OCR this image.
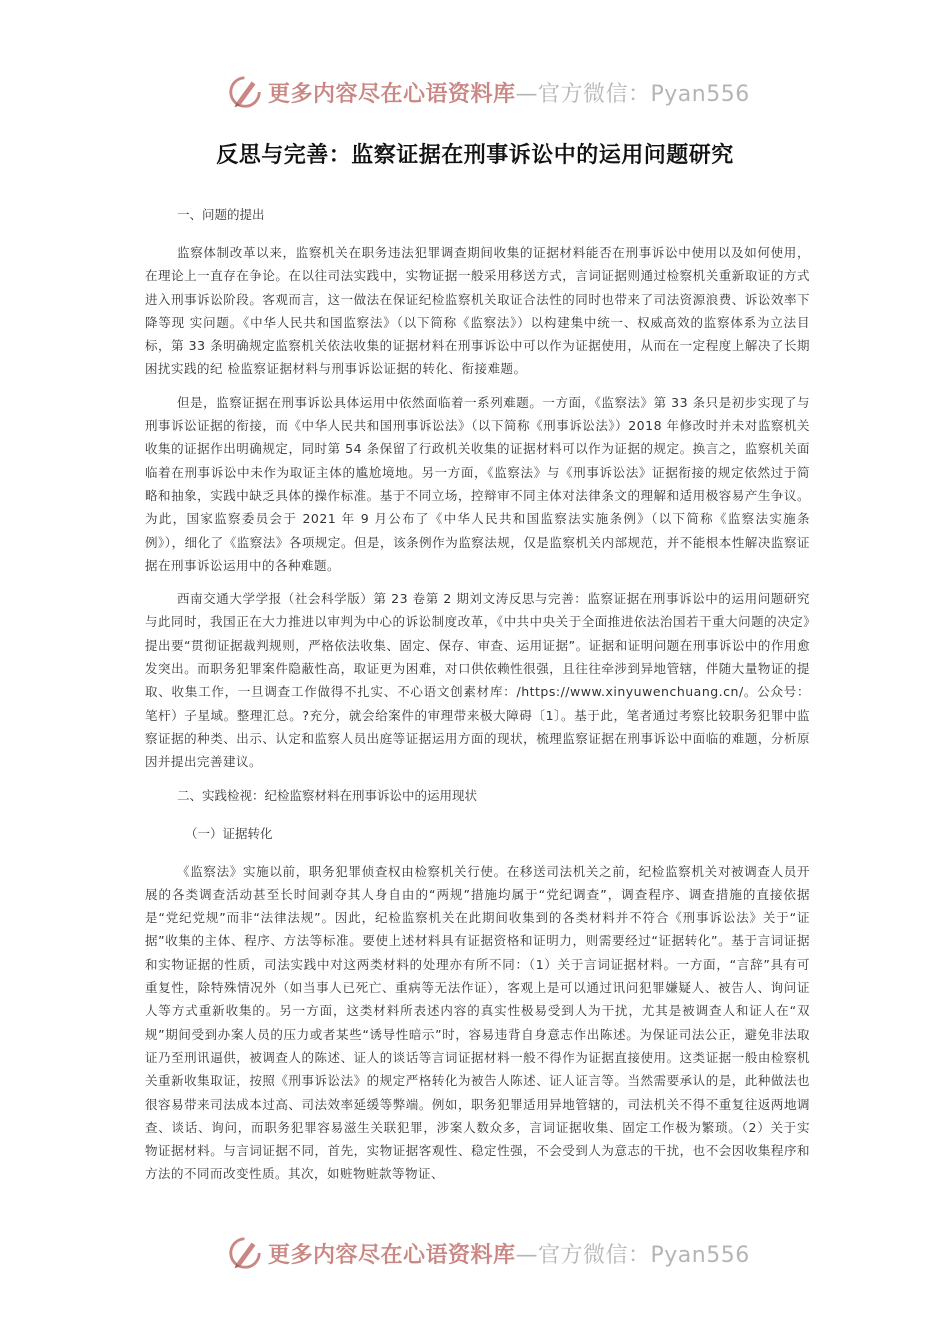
更多内容尽在心语资料库—官方微信：Pyan556
反思与完善：监察证据在刑事诉讼中的运用问题研究

一、问题的提出

监察体制改革以来，监察机关在职务违法犯罪调查期间收集的证据材料能否在刑事诉讼中使用以及如何使用，在理论上一直存在争论。在以往司法实践中，实物证据一般采用移送方式，言词证据则通过检察机关重新取证的方式进入刑事诉讼阶段。客观而言，这一做法在保证纪检监察机关取证合法性的同时也带来了司法资源浪费、诉讼效率下降等现 实问题。《中华人民共和国监察法》（以下简称《监察法》）以构建集中统一、权威高效的监察体系为立法目标，第 33 条明确规定监察机关依法收集的证据材料在刑事诉讼中可以作为证据使用，从而在一定程度上解决了长期困扰实践的纪 检监察证据材料与刑事诉讼证据的转化、衔接难题。

但是，监察证据在刑事诉讼具体运用中依然面临着一系列难题。一方面，《监察法》第 33 条只是初步实现了与刑事诉讼证据的衔接，而《中华人民共和国刑事诉讼法》（以下简称《刑事诉讼法》）2018 年修改时并未对监察机关收集的证据作出明确规定，同时第 54 条保留了行政机关收集的证据材料可以作为证据的规定。换言之，监察机关面临着在刑事诉讼中未作为取证主体的尴尬境地。另一方面，《监察法》与《刑事诉讼法》证据衔接的规定依然过于简略和抽象，实践中缺乏具体的操作标准。基于不同立场，控辩审不同主体对法律条文的理解和适用极容易产生争议。为此，国家监察委员会于 2021 年 9 月公布了《中华人民共和国监察法实施条例》（以下简称《监察法实施条例》），细化了《监察法》各项规定。但是，该条例作为监察法规，仅是监察机关内部规范，并不能根本性解决监察证据在刑事诉讼运用中的各种难题。

西南交通大学学报（社会科学版）第 23 卷第 2 期刘文涛反思与完善：监察证据在刑事诉讼中的运用问题研究与此同时，我国正在大力推进以审判为中心的诉讼制度改革，《中共中央关于全面推进依法治国若干重大问题的决定》提出要“贯彻证据裁判规则，严格依法收集、固定、保存、审查、运用证据”。证据和证明问题在刑事诉讼中的作用愈发突出。而职务犯罪案件隐蔽性高，取证更为困难，对口供依赖性很强，且往往牵涉到异地管辖，伴随大量物证的提取、收集工作，一旦调查工作做得不扎实、不心语文创素材库：/https://www.xinyuwenchuang.cn/。公众号：笔杆）子星域。整理汇总。?充分，就会给案件的审理带来极大障碍〔1〕。基于此，笔者通过考察比较职务犯罪中监察证据的种类、出示、认定和监察人员出庭等证据运用方面的现状，梳理监察证据在刑事诉讼中面临的难题，分析原因并提出完善建议。

二、实践检视：纪检监察材料在刑事诉讼中的运用现状

（一）证据转化

《监察法》实施以前，职务犯罪侦查权由检察机关行使。在移送司法机关之前，纪检监察机关对被调查人员开展的各类调查活动甚至长时间剥夺其人身自由的“两规”措施均属于“党纪调查”，调查程序、调查措施的直接依据是“党纪党规”而非“法律法规”。因此，纪检监察机关在此期间收集到的各类材料并不符合《刑事诉讼法》关于“证据”收集的主体、程序、方法等标准。要使上述材料具有证据资格和证明力，则需要经过“证据转化”。基于言词证据和实物证据的性质，司法实践中对这两类材料的处理亦有所不同：（1）关于言词证据材料。一方面，“言辞”具有可重复性，除特殊情况外（如当事人已死亡、重病等无法作证），客观上是可以通过讯问犯罪嫌疑人、被告人、询问证人等方式重新收集的。另一方面，这类材料所表述内容的真实性极易受到人为干扰，尤其是被调查人和证人在“双规”期间受到办案人员的压力或者某些“诱导性暗示”时，容易违背自身意志作出陈述。为保证司法公正，避免非法取证乃至刑讯逼供，被调查人的陈述、证人的谈话等言词证据材料一般不得作为证据直接使用。这类证据一般由检察机关重新收集取证，按照《刑事诉讼法》的规定严格转化为被告人陈述、证人证言等。当然需要承认的是，此种做法也很容易带来司法成本过高、司法效率延缓等弊端。例如，职务犯罪适用异地管辖的，司法机关不得不重复往返两地调查、谈话、询问，而职务犯罪容易滋生关联犯罪，涉案人数众多，言词证据收集、固定工作极为繁琐。（2）关于实物证据材料。与言词证据不同，首先，实物证据客观性、稳定性强，不会受到人为意志的干扰，也不会因收集程序和方法的不同而改变性质。其次，如赃物赃款等物证、

更多内容尽在心语资料库—官方微信：Pyan556
